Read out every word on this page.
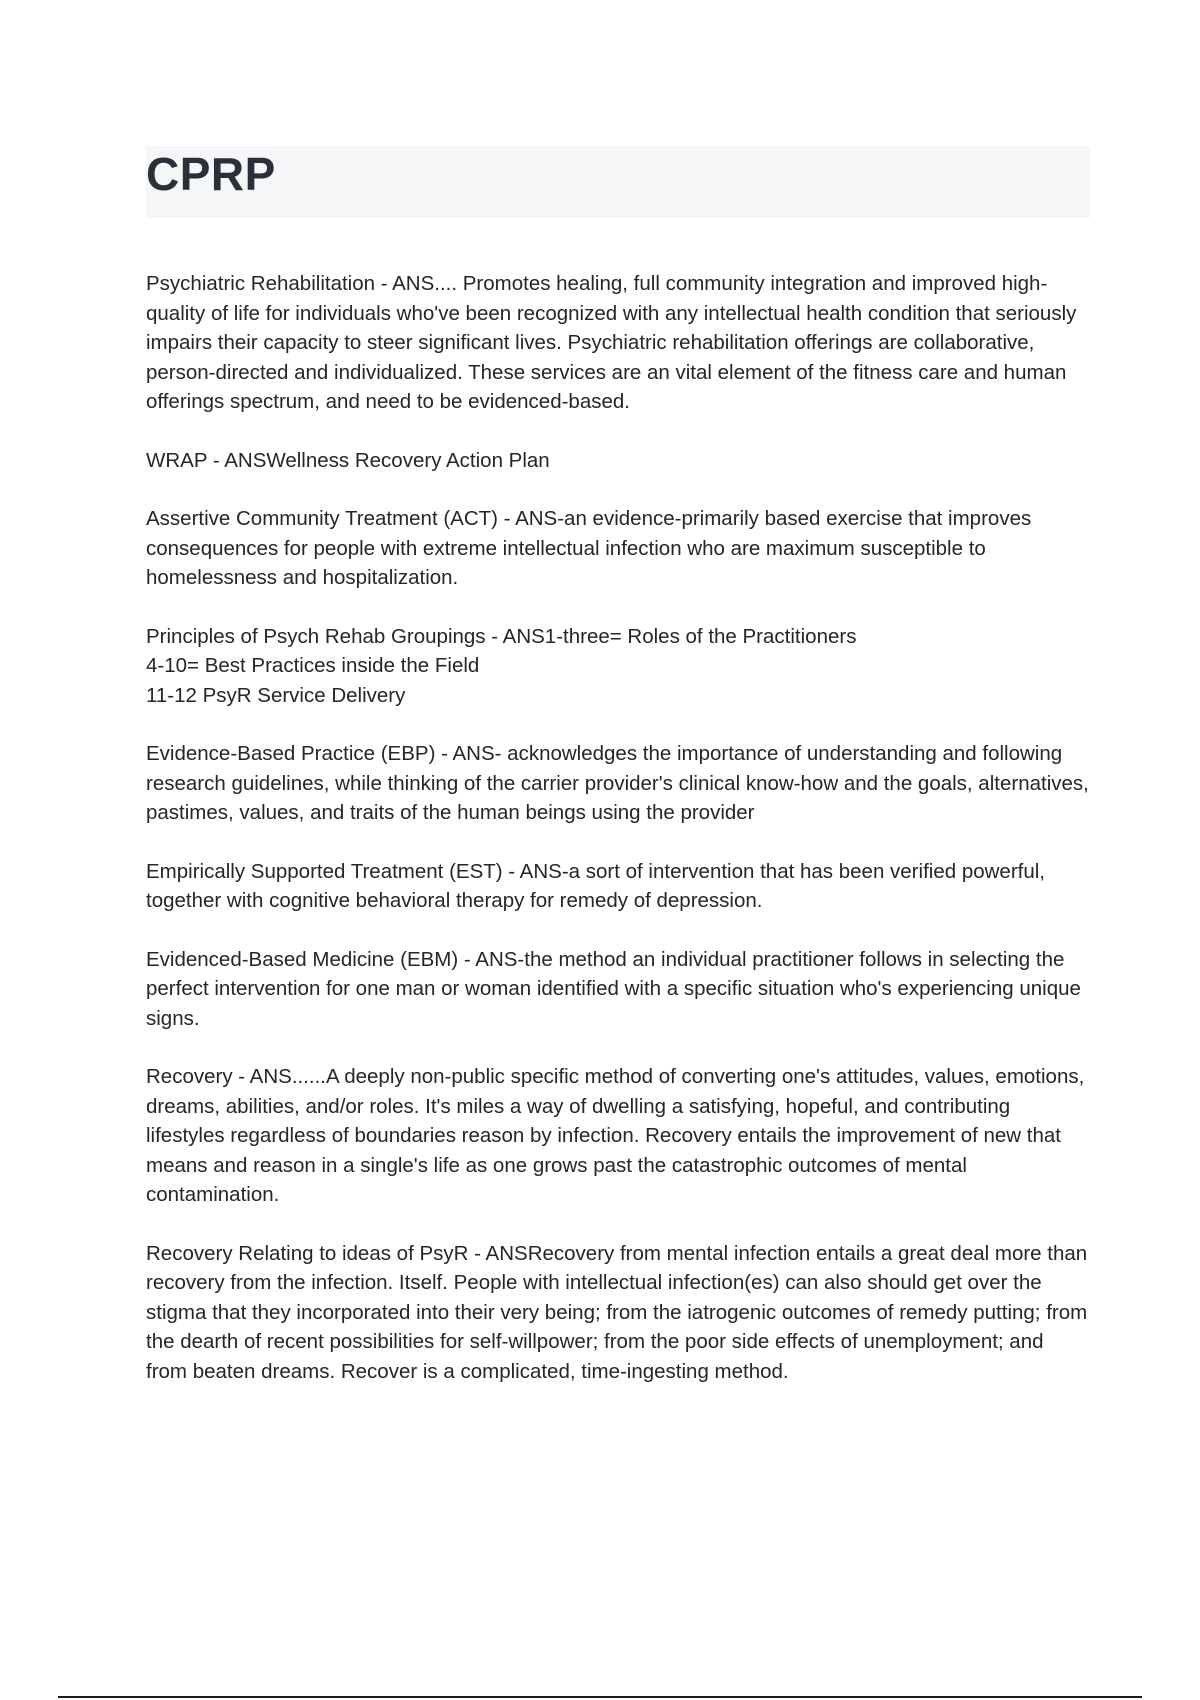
CPRP

Psychiatric Rehabilitation - ANS.... Promotes healing, full community integration and improved high-quality of life for individuals who've been recognized with any intellectual health condition that seriously impairs their capacity to steer significant lives. Psychiatric rehabilitation offerings are collaborative, person-directed and individualized. These services are an vital element of the fitness care and human offerings spectrum, and need to be evidenced-based.

WRAP - ANSWellness Recovery Action Plan

Assertive Community Treatment (ACT) - ANS-an evidence-primarily based exercise that improves consequences for people with extreme intellectual infection who are maximum susceptible to homelessness and hospitalization.

Principles of Psych Rehab Groupings - ANS1-three= Roles of the Practitioners
4-10= Best Practices inside the Field
11-12 PsyR Service Delivery

Evidence-Based Practice (EBP) - ANS- acknowledges the importance of understanding and following research guidelines, while thinking of the carrier provider's clinical know-how and the goals, alternatives, pastimes, values, and traits of the human beings using the provider

Empirically Supported Treatment (EST) - ANS-a sort of intervention that has been verified powerful, together with cognitive behavioral therapy for remedy of depression.

Evidenced-Based Medicine (EBM) - ANS-the method an individual practitioner follows in selecting the perfect intervention for one man or woman identified with a specific situation who's experiencing unique signs.

Recovery - ANS......A deeply non-public specific method of converting one's attitudes, values, emotions, dreams, abilities, and/or roles. It's miles a way of dwelling a satisfying, hopeful, and contributing lifestyles regardless of boundaries reason by infection. Recovery entails the improvement of new that means and reason in a single's life as one grows past the catastrophic outcomes of mental contamination.

Recovery Relating to ideas of PsyR - ANSRecovery from mental infection entails a great deal more than recovery from the infection. Itself. People with intellectual infection(es) can also should get over the stigma that they incorporated into their very being; from the iatrogenic outcomes of remedy putting; from the dearth of recent possibilities for self-willpower; from the poor side effects of unemployment; and from beaten dreams. Recover is a complicated, time-ingesting method.
